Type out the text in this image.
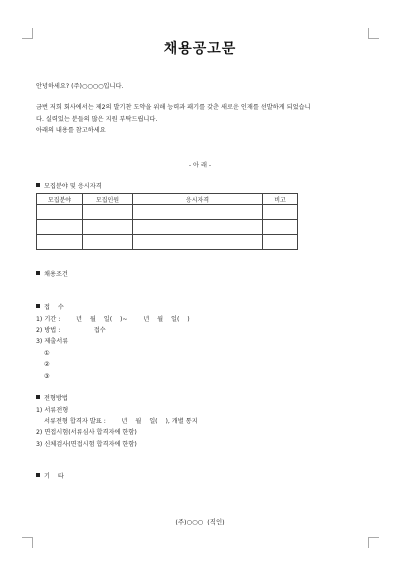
채용공고문
안녕하세요? (주)○○○○입니다.
금번 저희 회사에서는 제2의 발기찬 도약을 위해 능력과 패기를 갖춘 새로운 인재를 선발하게 되었습니
다. 실력있는 분들의 많은 지원 부탁드립니다.
아래의 내용를 참고하세요
- 아 래 -
모집분야 및 응시자격
모집분야	모집인원	응시자격	비고

채용조건
접    수
1) 기간 :        년    월    일(    )~        년    월    일(    )
2) 방법 :                 접수
3) 제출서류
①
②
③
전형방법
1) 서류전형
서류전형 합격자 발표 :        년    월    일(    ), 개별 통지
2) 면접시험(서류심사 합격자에 한함)
3) 신체검사(면접시험 합격자에 한함)
기    타
(주)○○○  (직인)
